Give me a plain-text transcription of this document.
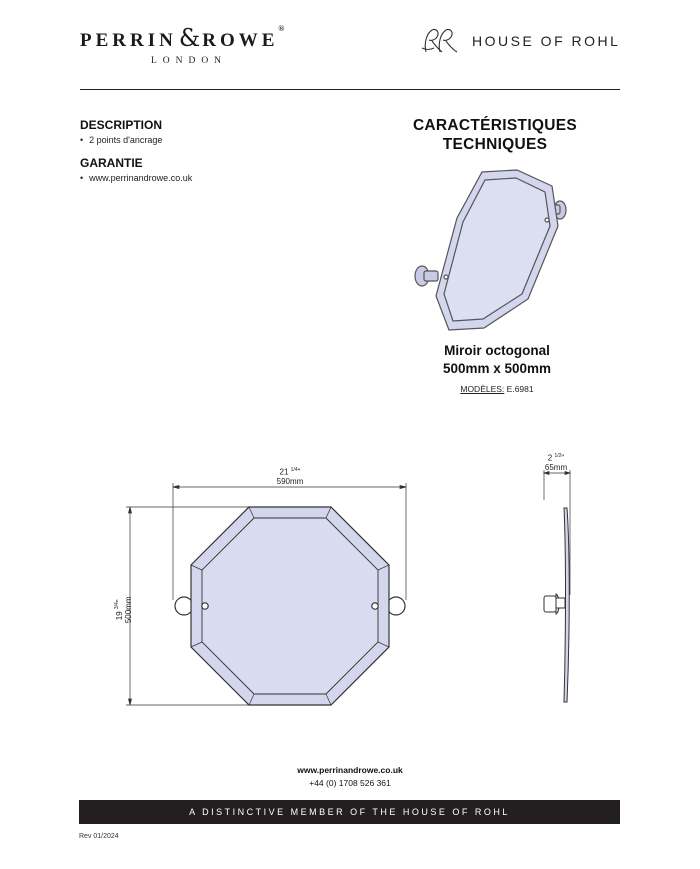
PERRIN& ROWE®
LONDON
HOUSE OF ROHL
DESCRIPTION
• 2 points d'ancrage
GARANTIE
• www.perrinandrowe.co.uk
CARACTÉRISTIQUES
TECHNIQUES
Miroir octogonal
500mm x 500mm
MODÈLES: E.6981
21 $^{1/4}$"
590mm
19 $^{3/4}$" 500mm
2 $^{1/2}$"
65mm
www.perrinandrowe.co.uk
+44 (0) 1708 526 361
A DISTINCTIVE MEMBER OF THE HOUSE OF ROHL
Rev 01/2024
